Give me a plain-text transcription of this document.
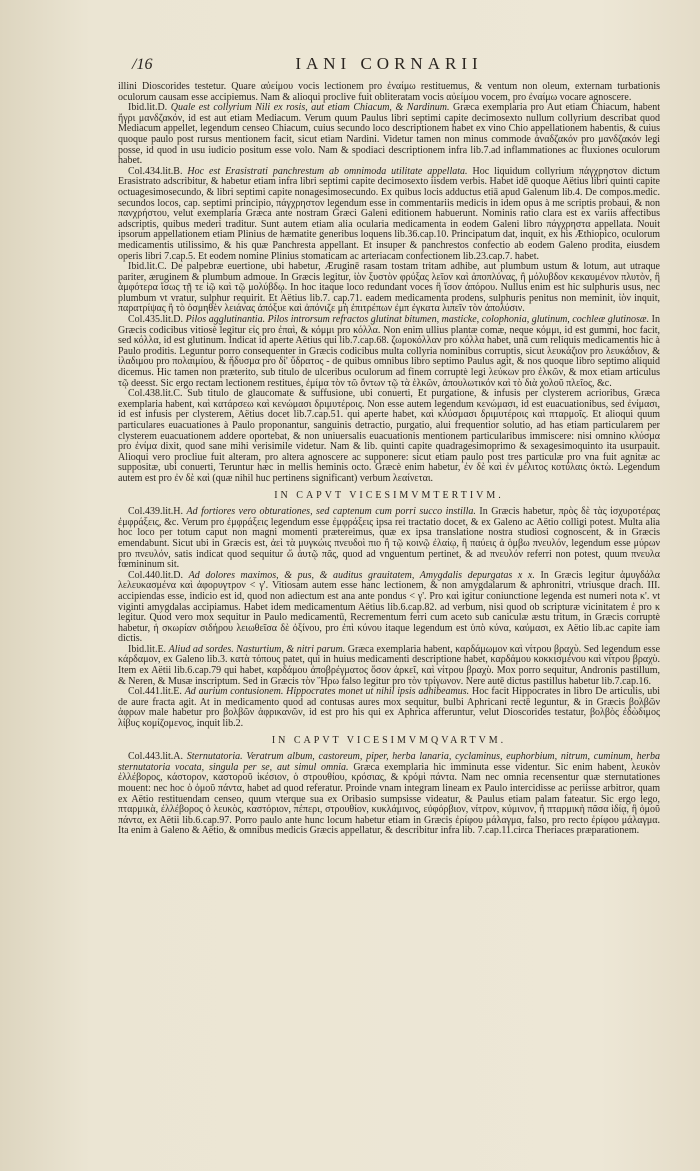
/16	IANI CORNARII

illini Dioscorides testetur. Quare αὐείμου vocis lectionem pro ἐναίμω restituemus, & ventum non oleum, externam turbationis oculorum causam esse accipiemus. Nam & alioqui proclive fuit obliteratam vocis αὐείμου vocem, pro ἐναίμω vocare agnoscere.

Ibid.lit.D. Quale est collyrium Nili ex rosis, aut etiam Chiacum, & Nardinum. Græca exemplaria pro Aut etiam Chiacum, habent ἤγρι μανδζακόν, id est aut etiam Mediacum. Verum quum Paulus libri septimi capite decimosexto nullum collyrium describat quod Mediacum appellet, legendum censeo Chiacum, cuius secundo loco descriptionem habet ex vino Chio appellationem habentis, & cuius quoque paulo post rursus mentionem facit, sicut etiam Nardini. Videtur tamen non minus commode ἀναδζακόν pro μανδζακόν legi posse, id quod in usu iudicio positum esse volo. Nam & spodiaci descriptionem infra lib.7.ad inflammationes ac fluxiones oculorum habet.

Col.434.lit.B. Hoc est Erasistrati panchrestum ab omnimoda utilitate appellata. Hoc liquidum collyrium πάγχρηστον dictum Erasistrato adscribitur, & habetur etiam infra libri septimi capite decimosexto iisdem verbis. Habet idē quoque Aëtius libri quinti capite octuagesimosecundo, & libri septimi capite nonagesimosecundo. Ex quibus locis adductus etiā apud Galenum lib.4. De compos.medic. secundos locos, cap. septimi principio, πάγχρηστον legendum esse in commentariis medicis in idem opus à me scriptis probaui, & non πανχρήστου, velut exemplaria Græca ante nostram Græci Galeni editionem habuerunt. Nominis ratio clara est ex variis affectibus adscriptis, quibus mederi traditur. Sunt autem etiam alia ocularia medicamenta in eodem Galeni libro πάγχρηστα appellata. Nouit ipsorum appellationem etiam Plinius de hæmatite generibus loquens lib.36.cap.10. Principatum dat, inquit, ex his Æthiopico, oculorum medicamentis utilissimo, & his quæ Panchresta appellant. Et insuper & panchrestos confectio ab eodem Galeno prodita, eiusdem operis libri 7.cap.5. Et eodem nomine Plinius stomaticam ac arteriacam confectionem lib.23.cap.7. habet.

Ibid.lit.C. De palpebræ euertione, ubi habetur, Æruginē rasam tostam tritam adhibe, aut plumbum ustum & lotum, aut utraque pariter, æruginem & plumbum admoue. In Græcis legitur, ἰὸν ξυστὸν φρύξας λεῖον καὶ ἀποπλύνας, ἢ μόλυβδον κεκαυμένον πλυτὸν, ἢ ἀμφότερα ἴσως τῇ τε ἰῷ καὶ τῷ μολύβδῳ. In hoc itaque loco redundant voces ἢ ἴσον ἀπόρου. Nullus enim est hic sulphuris usus, nec plumbum vt vratur, sulphur requirit. Et Aëtius lib.7. cap.71. eadem medicamenta prodens, sulphuris penitus non meminit, ἰὸν inquit, παρατρίψας ἢ τὸ ὀσμηθὲν λειάνας ἀπόξυε καὶ ἀπόνιζε μὴ ἐπιτρέπων ἐμπ ἐγκατα λιπεῖν τὸν ἀπολύσιν.

Col.435.lit.D. Pilos agglutinantia. Pilos introrsum refractos glutinat bitumen, masticke, colophonia, glutinum, cochleæ glutinosæ. In Græcis codicibus vitiosè legitur εἰς pro ἐπαὶ, & κόμμι pro κόλλα. Non enim ullius plantæ comæ, neque κόμμι, id est gummi, hoc facit, sed κόλλα, id est glutinum. Indicat id aperte Aëtius qui lib.7.cap.68. ζωμοκόλλαν pro κόλλα habet, unā cum reliquis medicamentis hic à Paulo proditis. Leguntur porro consequenter in Græcis codicibus multa collyria nominibus corruptis, sicut λευκάζιον pro λευκάδιον, & ἱλαδιμου pro πολαιμίου, & ἥδυσμα pro δἰ' ὕδρατος - de quibus omnibus libro septimo Paulus agit, & nos quoque libro septimo aliquid dicemus. Hic tamen non præterito, sub titulo de ulceribus oculorum ad finem corruptè legi λεύκων pro ἐλκῶν, & mox etiam articulus τῷ deesst. Sic ergo rectam lectionem restitues, ἐμίμα τὸν τῶ ὄντων τῷ τὰ ἑλκῶν, ἀπουλωτικόν καὶ τὸ διὰ χολοῦ πλεῖος, &c.

Col.438.lit.C. Sub titulo de glaucomate & suffusione, ubi conuerti, Et purgatione, & infusis per clysterem acrioribus, Græca exemplaria habent, καὶ κατάρσεω καὶ κενώμασι δριμυτέροις. Non esse autem legendum κενώμασι, id est euacuationibus, sed ἐνίμασι, id est infusis per clysterem, Aëtius docet lib.7.cap.51. qui aperte habet, καὶ κλύσμασι δριμυτέροις καὶ πταρμοῖς. Et alioqui quum particulares euacuationes à Paulo proponantur, sanguinis detractio, purgatio, alui frequentior solutio, ad has etiam particularem per clysterem euacuationem addere oportebat, & non uniuersalis euacuationis mentionem particularibus immiscere: nisi omnino κλύσμα pro ἐνίμα dixit, quod sane mihi verisimile videtur. Nam & lib. quinti capite quadragesimoprimo & sexagesimoquinto ita usurpauit. Alioqui vero procliue fuit alteram, pro altera agnoscere ac supponere: sicut etiam paulo post tres particulæ pro vna fuit agnitæ ac suppositæ, ubi conuerti, Teruntur hæc in mellis heminis octo. Græcè enim habetur, ἐν δὲ καὶ ἐν μέλιτος κοτύλαις ὀκτὼ. Legendum autem est pro ἐν δὲ καὶ (quæ nihil huc pertinens significant) verbum λεαίνεται.

IN CAPVT VICESIMVMTERTIVM.

Col.439.lit.H. Ad fortiores vero obturationes, sed captenum cum porri succo instilla. In Græcis habetur, πρὸς δὲ τὰς ἰσχυροτέρας ἐμφράξεις, &c. Verum pro ἐμφράξεις legendum esse ἐμφράξεις ipsa rei tractatio docet, & ex Galeno ac Aëtio colligi potest. Multa alia hoc loco per totum caput non magni momenti prætereimus, quæ ex ipsa translatione nostra studiosi cognoscent, & in Græcis emendabunt. Sicut ubi in Græcis est, ἀεὶ τὰ μυγκώις πνευδοὶ πιο ἢ τῷ κοινῷ ἐλαίῳ, ἢ παύεις ἀ ὁμβω πνευλόν, legendum esse μύρων pro πνευλόν, satis indicat quod sequitur ὤ ἀυτῷ πᾶς, quod ad vnguentum pertinet, & ad πνευλόν referri non potest, quum πνευλα fœmininum sit.

Col.440.lit.D. Ad dolores maximos, & pus, & auditus grauitatem, Amygdalis depurgatas x x. In Græcis legitur ἀμυγδάλα λελευκασμένα καὶ ἀφορυγτρον < γ'. Vitiosam autem esse hanc lectionem, & non amygdalarum & aphronitri, vtriusque drach. III. accipiendas esse, indicio est id, quod non adiectum est ana ante pondus < γ'. Pro καὶ igitur coniunctione legenda est numeri nota κ'. vt viginti amygdalas accipiamus. Habet idem medicamentum Aëtius lib.6.cap.82. ad verbum, nisi quod ob scripturæ vicinitatem ἐ pro κ legitur. Quod vero mox sequitur in Paulo medicamentū, Recrementum ferri cum aceto sub caniculæ æstu tritum, in Græcis corruptè habetur, ἡ σκωρίαν σιδήρου λειωθεῖσα δὲ ὀξίνου, pro ἐπὶ κύνου itaque legendum est ὑπὸ κύνα, καύμασι, ex Aëtio lib.ac capite iam dictis.

Ibid.lit.E. Aliud ad sordes. Nasturtium, & nitri parum. Græca exemplaria habent, καρδάμωμον καὶ νίτρου βραχὺ. Sed legendum esse κάρδαμον, ex Galeno lib.3. κατὰ τόπους patet, qui in huius medicamenti descriptione habet, καρδάμου κοκκισμένου καὶ νίτρου βραχὺ. Item ex Aëtii lib.6.cap.79 qui habet, καρδάμου ἀποβρέγματος ὅσον ἀρκεῖ, καὶ νίτρου βραχὺ. Mox porro sequitur, Andronis pastillum, & Neren, & Musæ inscriptum. Sed in Græcis τὸν Ἥρω falso legitur pro τὸν τρίγωνον. Nere autē dictus pastillus habetur lib.7.cap.16.

Col.441.lit.E. Ad aurium contusionem. Hippocrates monet ut nihil ipsis adhibeamus. Hoc facit Hippocrates in libro De articulis, ubi de aure fracta agit. At in medicamento quod ad contusas aures mox sequitur, bulbi Aphricani rectē leguntur, & in Græcis βολβῶν ἀφρων male habetur pro βολβῶν ἀφρικανῶν, id est pro his qui ex Aphrica afferuntur, velut Dioscorides testatur, βολβὸς ἐδὼδιμος λίβυς κομίζομενος, inquit lib.2.

IN CAPVT VICESIMVMQVARTVM.

Col.443.lit.A. Sternutatoria. Veratrum album, castoreum, piper, herba lanaria, cyclaminus, euphorbium, nitrum, cuminum, herba sternutatoria vocata, singula per se, aut simul omnia. Græca exemplaria hic imminuta esse videntur. Sic enim habent, λευκὸν ἐλλέβορος, κάστορον, καστοροῦ ἰκέσιον, ὁ στρουθίου, κρόσιας, & κρόμὶ πάντα. Nam nec omnia recensentur quæ sternutationes mouent: nec hoc ὁ ὁμοῦ πάντα, habet ad quod referatur. Proinde vnam integram lineam ex Paulo intercidisse ac periisse arbitror, quam ex Aëtio restituendam censeo, quum vterque sua ex Oribasio sumpsisse videatur, & Paulus etiam palam fateatur. Sic ergo lego, πταρμικὰ, ἐλλέβορος ὁ λευκὸς, καστόριον, πέπερι, στρουθίον, κυκλάμινος, εὐφόρβιον, νίτρον, κύμινον, ἢ πταρμικὴ πᾶσα ἰδίᾳ, ἢ ὁμοῦ πάντα, ex Aëtii lib.6.cap.97. Porro paulo ante hunc locum habetur etiam in Græcis ἐρίφου μάλαγμα, falso, pro recto ἐρίφου μάλαγμα. Ita enim à Galeno & Aëtio, & omnibus medicis Græcis appellatur, & describitur infra lib. 7.cap.11.circa Theriaces præparationem.
